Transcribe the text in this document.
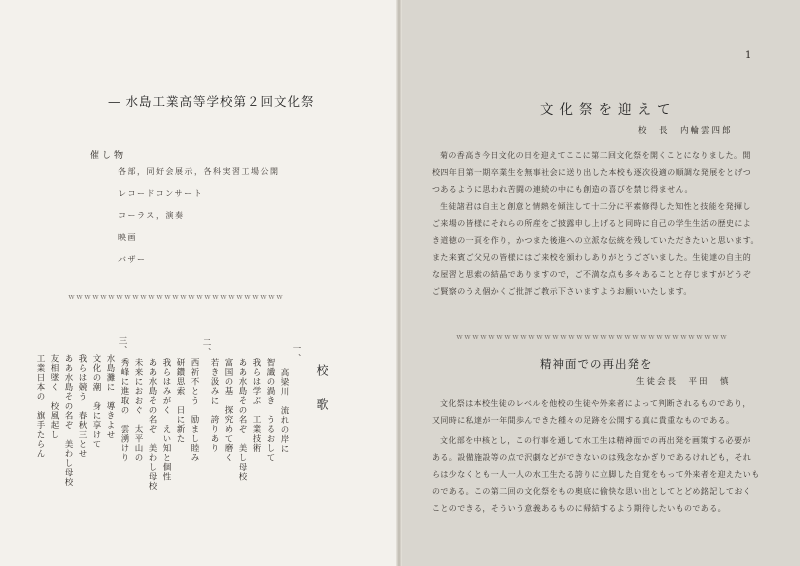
— 水島工業高等学校第２回文化祭
催し物
各部，同好会展示，各科実習工場公開
レコードコンサート
コーラス，演奏
映画
バザー
ｗｗｗｗｗｗｗｗｗｗｗｗｗｗｗｗｗｗｗｗｗｗｗｗｗｗｗ
校歌
一、
高梁川　流れの岸に
智識の渦き　うるおして
我らは学ぶ　工業技術
ああ水島その名ぞ　美し母校
富国の基　探究めて磨く
若き汲みに　誇りあり
二、
西祈不とう　励まし睦み
研鑽思索　日に新た
我らはみがく　えい知と個性
ああ水島その名ぞ　美わし母校
未来におおぐ　太平山の
秀峰に進取の　雲湧けり
三、
水島灘に　導きよせ
文化の潮　身に享けて
我らは競う　春秋三とせ
ああ水島その名ぞ　美わし母校
友相墜く　校風起し
工業日本の　旗手たらん
1
文化祭を迎えて
校　長　内輪雲四郎
菊の香高き今日文化の日を迎えてここに第二回文化祭を開くことになりました。開
校四年目第一期卒業生を無事社会に送り出した本校も逐次役適の順調な発展をとげつ
つあるように思われ苦闘の連続の中にも創造の喜びを禁じ得ません。
生徒諸君は自主と創意と情熱を傾注して十二分に平素修得した知性と技能を発揮し
ご来場の皆様にそれらの所産をご披露申し上げると同時に自己の学生生活の歴史によ
き道徳の一頁を作り，かつまた後進への立派な伝統を残していただきたいと思います。
また来賓ご父兄の皆様にはご来校を頒わしありがとうございました。生徒達の自主的
な屋習と思索の結晶でありますので，ご不満な点も多々あることと存じますがどうぞ
ご賢察のうえ個かくご批評ご教示下さいますようお願いいたします。
ｗｗｗｗｗｗｗｗｗｗｗｗｗｗｗｗｗｗｗｗｗｗｗｗｗｗｗｗｗｗｗｗｗｗ
精神面での再出発を
生徒会長　平田　慎
文化祭は本校生徒のレベルを他校の生徒や外来者によって判断されるものであり，
又同時に私達が一年間歩んできた種々の足跡を公開する真に貴重なものである。
文化部を中核とし，この行事を通して水工生は精神面での再出発を画策する必要が
ある。設備施設等の点で沢劇などができないのは残念なかぎりであるけれども，それ
らは少なくとも一人一人の水工生たる誇りに立脚した自覚をもって外来者を迎えたいも
のである。この第二回の文化祭をもの奥底に偷快な思い出としてとどめ銘記しておく
ことのできる，そういう意義あるものに帰結するよう期待したいものである。
